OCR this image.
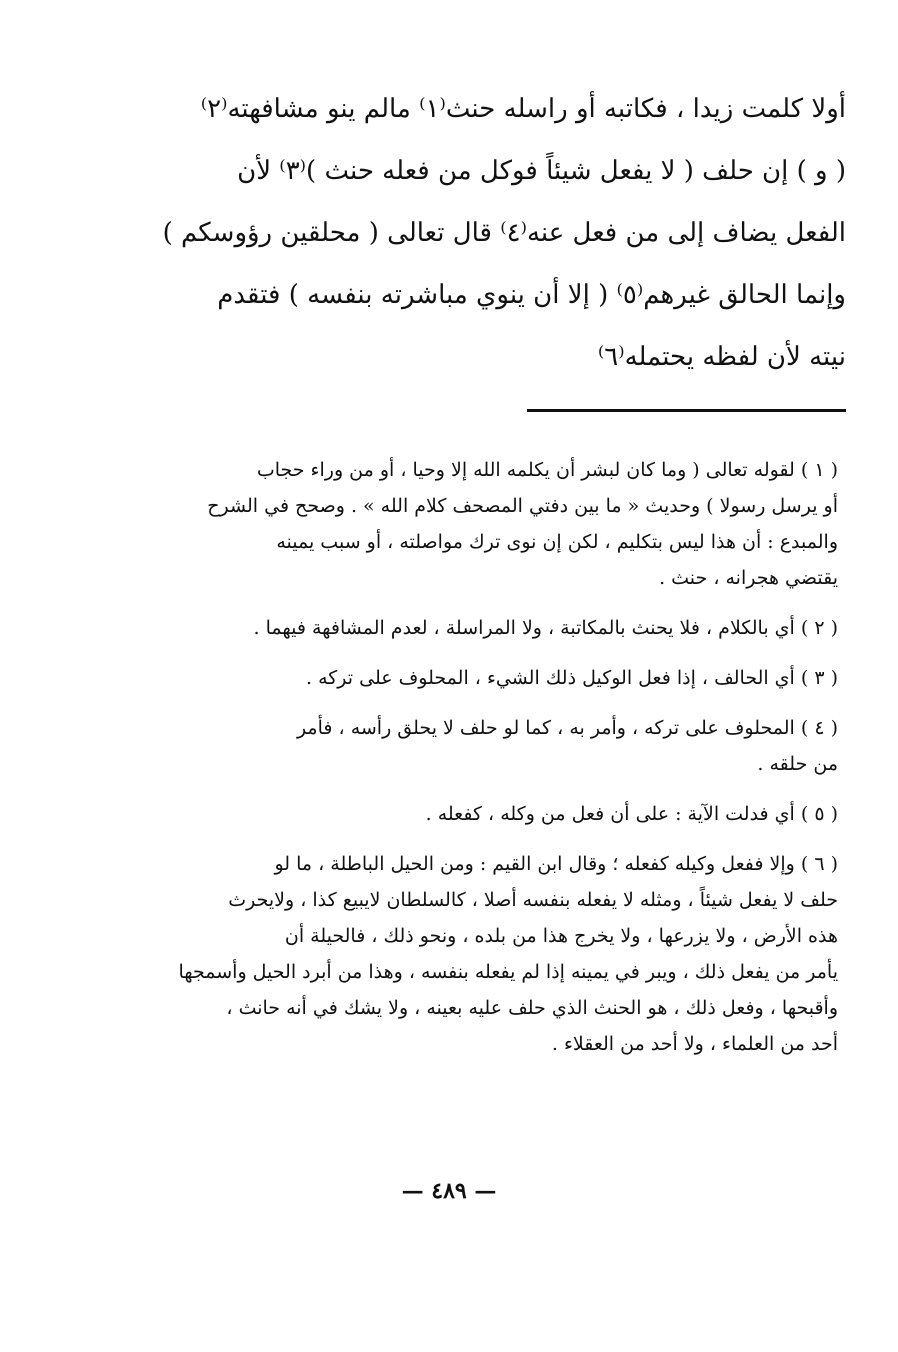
أولا كلمت زيدا ، فكاتبه أو راسله حنث⁽١⁾ مالم ينو مشافهته⁽٢⁾
( و ) إن حلف ( لا يفعل شيئاً فوكل من فعله حنث )⁽٣⁾ لأن
الفعل يضاف إلى من فعل عنه⁽٤⁾ قال تعالى ( محلقين رؤوسكم )
وإنما الحالق غيرهم⁽٥⁾ ( إلا أن ينوي مباشرته بنفسه ) فتقدم
نيته لأن لفظه يحتمله⁽٦⁾
( ١ ) لقوله تعالى ( وما كان لبشر أن يكلمه الله إلا وحيا ، أو من وراء حجاب
أو يرسل رسولا ) وحديث « ما بين دفتي المصحف كلام الله » . وصحح في الشرح
والمبدع : أن هذا ليس بتكليم ، لكن إن نوى ترك مواصلته ، أو سبب يمينه
يقتضي هجرانه ، حنث .
( ٢ ) أي بالكلام ، فلا يحنث بالمكاتبة ، ولا المراسلة ، لعدم المشافهة فيهما .
( ٣ ) أي الحالف ، إذا فعل الوكيل ذلك الشيء ، المحلوف على تركه .
( ٤ ) المحلوف على تركه ، وأمر به ، كما لو حلف لا يحلق رأسه ، فأمر
من حلقه .
( ٥ ) أي فدلت الآية : على أن فعل من وكله ، كفعله .
( ٦ ) وإلا ففعل وكيله كفعله ؛ وقال ابن القيم : ومن الحيل الباطلة ، ما لو
حلف لا يفعل شيئاً ، ومثله لا يفعله بنفسه أصلا ، كالسلطان لايبيع كذا ، ولايحرث
هذه الأرض ، ولا يزرعها ، ولا يخرج هذا من بلده ، ونحو ذلك ، فالحيلة أن
يأمر من يفعل ذلك ، ويبر في يمينه إذا لم يفعله بنفسه ، وهذا من أبرد الحيل وأسمجها
وأقبحها ، وفعل ذلك ، هو الحنث الذي حلف عليه بعينه ، ولا يشك في أنه حانث ،
أحد من العلماء ، ولا أحد من العقلاء .
— ٤٨٩ —
